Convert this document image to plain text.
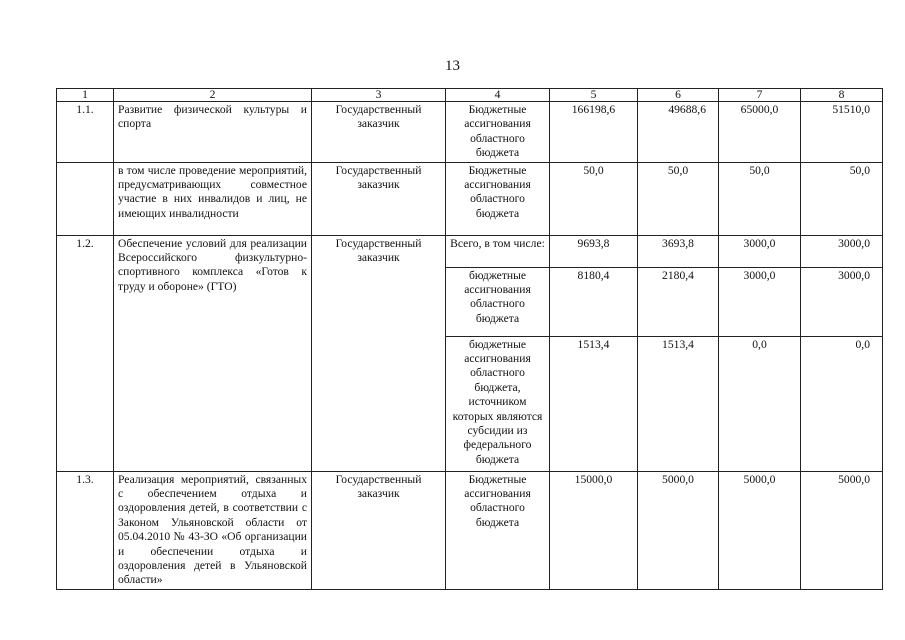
13
1	2	3	4	5	6	7	8
1.1.	Развитие физической культуры и спорта	Государственный заказчик	Бюджетные ассигнования областного бюджета	166198,6	49688,6	65000,0	51510,0
	в том числе проведение мероприятий, предусматривающих совместное участие в них инвалидов и лиц, не имеющих инвалидности	Государственный заказчик	Бюджетные ассигнования областного бюджета	50,0	50,0	50,0	50,0
1.2.	Обеспечение условий для реализации Всероссийского физкультурно-спортивного комплекса «Готов к труду и обороне» (ГТО)	Государственный заказчик	Всего, в том числе:	9693,8	3693,8	3000,0	3000,0
			бюджетные ассигнования областного бюджета	8180,4	2180,4	3000,0	3000,0
			бюджетные ассигнования областного бюджета, источником которых являются субсидии из федерального бюджета	1513,4	1513,4	0,0	0,0
1.3.	Реализация мероприятий, связанных с обеспечением отдыха и оздоровления детей, в соответствии с Законом Ульяновской области от 05.04.2010 № 43-ЗО «Об организации и обеспечении отдыха и оздоровления детей в Ульяновской области»	Государственный заказчик	Бюджетные ассигнования областного бюджета	15000,0	5000,0	5000,0	5000,0
